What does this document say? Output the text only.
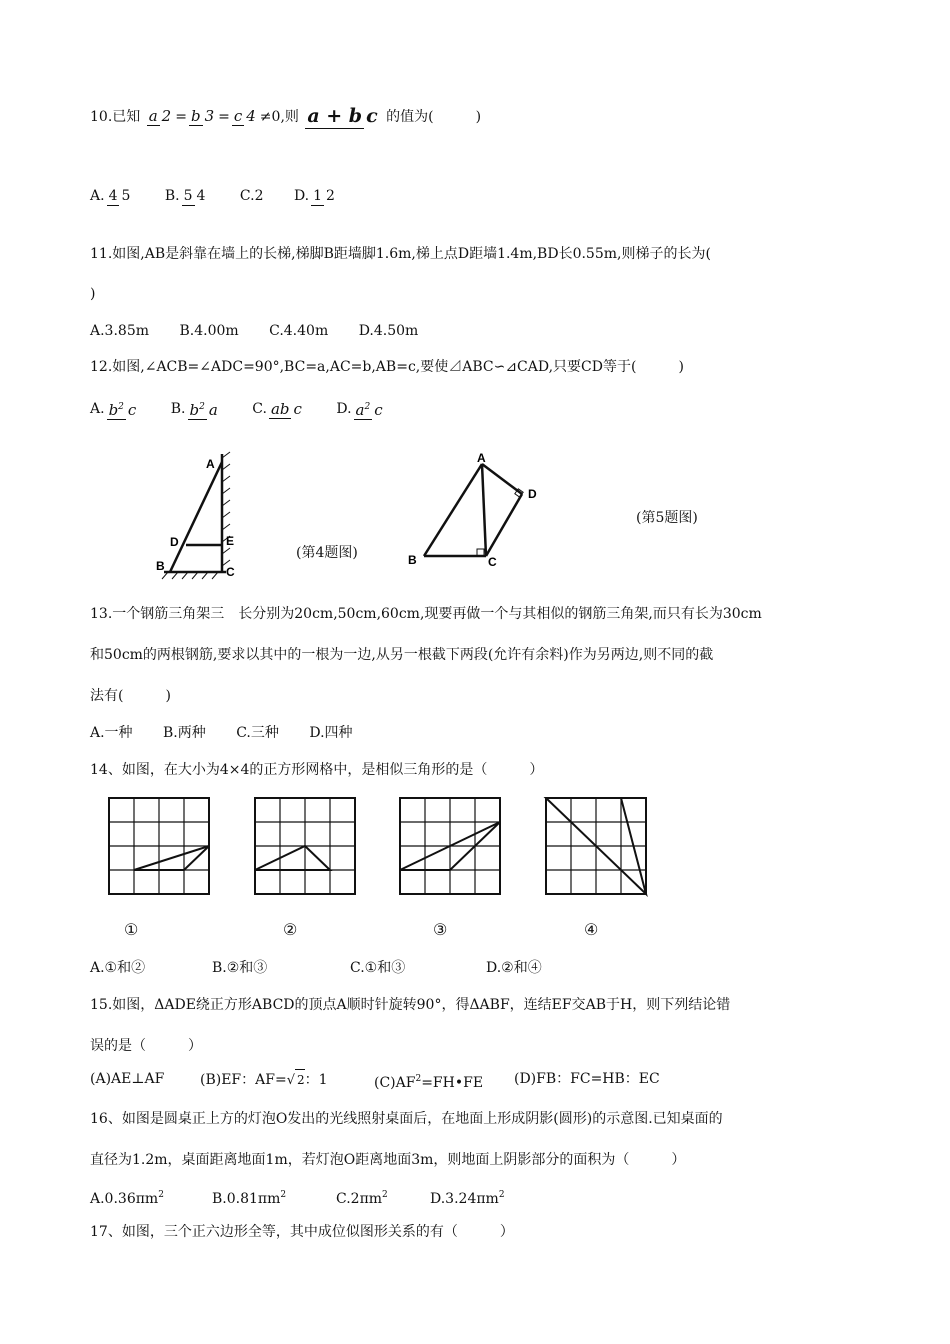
10.已知 a 2 = b 3 = c 4 ≠0,则 a + b c 的值为(　　　)
A. 4 5 B. 5 4 C.2 D. 1 2
11.如图,AB是斜靠在墙上的长梯,梯脚B距墙脚1.6m,梯上点D距墙1.4m,BD长0.55m,则梯子的长为(
)
A.3.85m B.4.00m C.4.40m D.4.50m
12.如图,∠ACB=∠ADC=90°,BC=a,AC=b,AB=c,要使⊿ABC∽⊿CAD,只要CD等于(　　　)
A. $b^2$ c B. $b^2$ a C. ab c D. $a^2$ c
A
D	E
B	C
(第4题图)
A
D
B	C
(第5题图)
13.一个钢筋三角架三　长分别为20cm,50cm,60cm,现要再做一个与其相似的钢筋三角架,而只有长为30cm
和50cm的两根钢筋,要求以其中的一根为一边,从另一根截下两段(允许有余料)作为另两边,则不同的截
法有(　　　)
A.一种 B.两种 C.三种 D.四种
14、如图，在大小为4×4的正方形网格中，是相似三角形的是（　　　）
①	②	③	④
A.①和②	B.②和③	C.①和③	D.②和④
15.如图，ΔADE绕正方形ABCD的顶点A顺时针旋转90°，得ΔABF，连结EF交AB于H，则下列结论错
误的是（　　　）
(A)AE⊥AF	(B)EF：AF=√ 2：1	$(C)AF^2=FH•FE$ (D)FB：FC=HB：EC
16、如图是圆桌正上方的灯泡O发出的光线照射桌面后，在地面上形成阴影(圆形)的示意图.已知桌面的
直径为1.2m，桌面距离地面1m，若灯泡O距离地面3m，则地面上阴影部分的面积为（　　　）
$A.0.36\pi m^2$	$B.0.81\pi m^2$	$C.2\pi m^2$	$D.3.24\pi m^2$
17、如图，三个正六边形全等，其中成位似图形关系的有（　　　）
